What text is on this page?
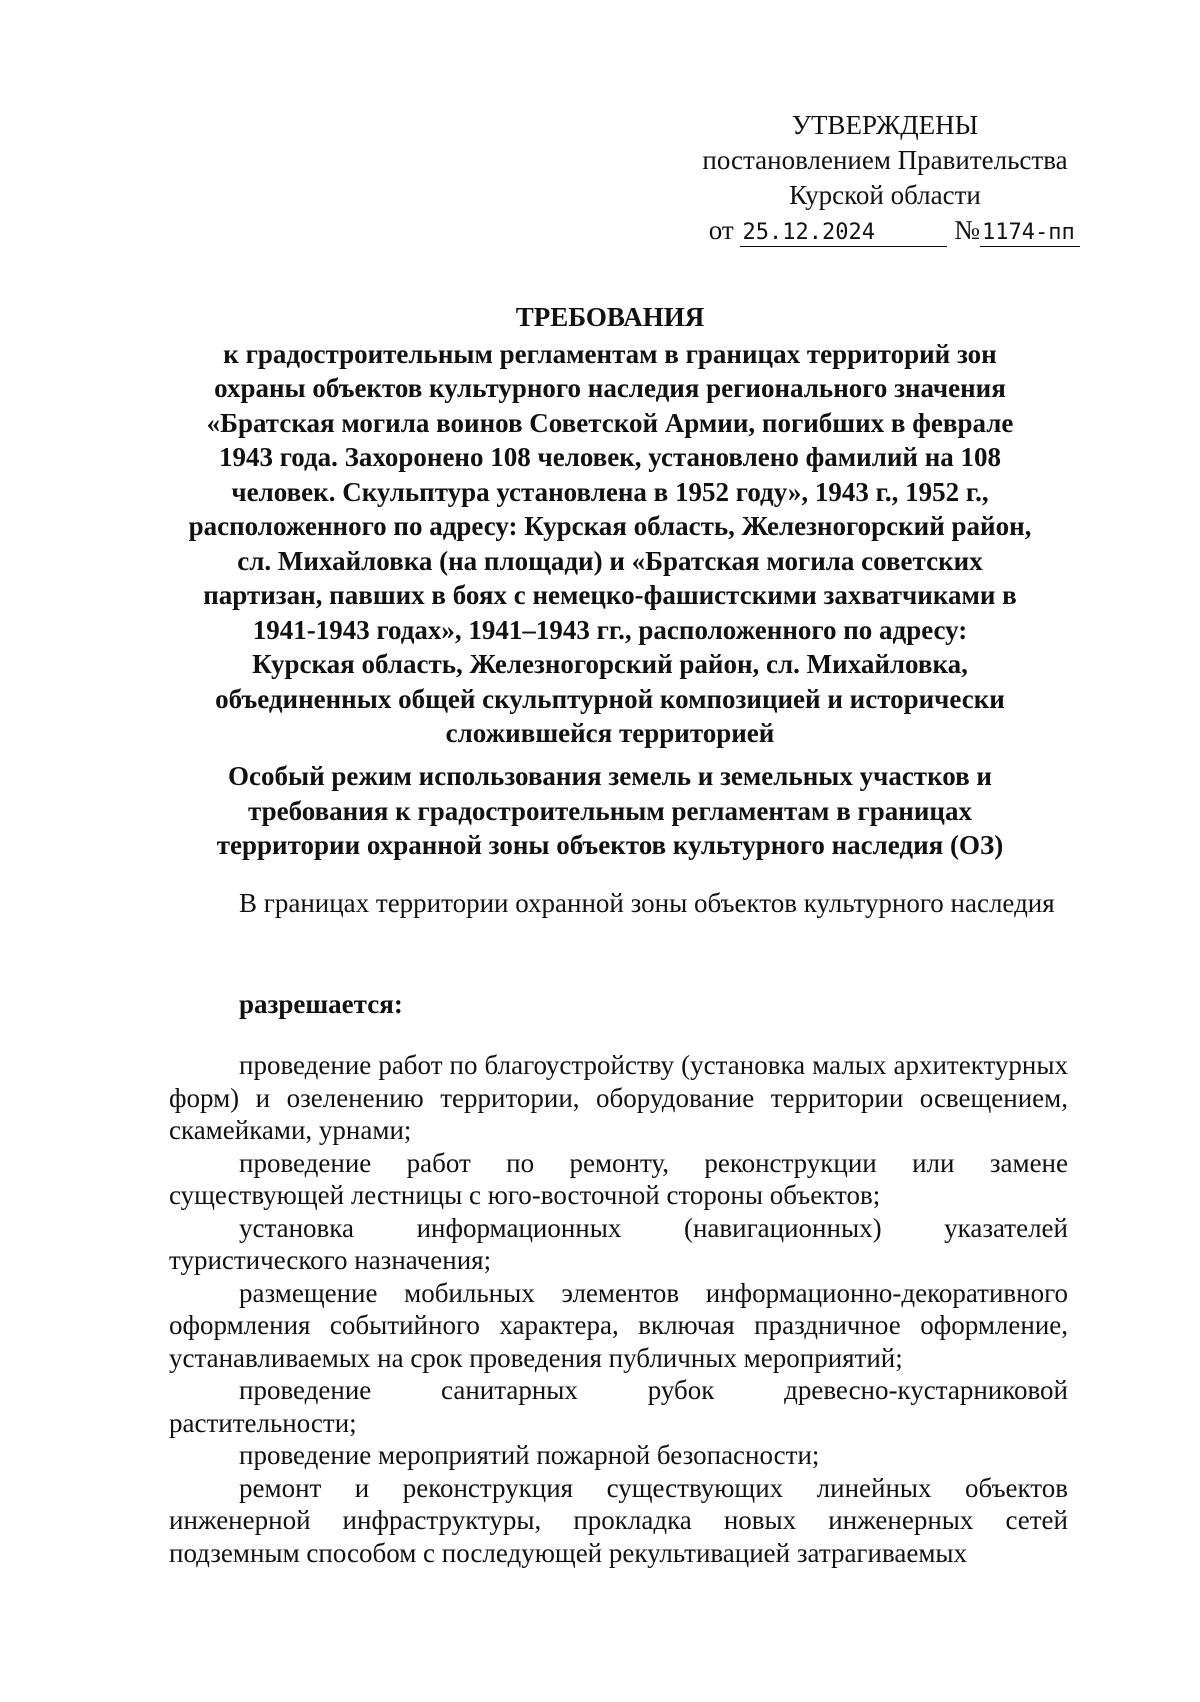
УТВЕРЖДЕНЫ
постановлением Правительства
Курской области
от 25.12.2024	№1174-пп
ТРЕБОВАНИЯ
к градостроительным регламентам в границах территорий зон
охраны объектов культурного наследия регионального значения
«Братская могила воинов Советской Армии, погибших в феврале
1943 года. Захоронено 108 человек, установлено фамилий на 108
человек. Скульптура установлена в 1952 году», 1943 г., 1952 г.,
расположенного по адресу: Курская область, Железногорский район,
сл. Михайловка (на площади) и «Братская могила советских
партизан, павших в боях с немецко-фашистскими захватчиками в
1941-1943 годах», 1941–1943 гг., расположенного по адресу:
Курская область, Железногорский район, сл. Михайловка,
объединенных общей скульптурной композицией и исторически
сложившейся территорией
Особый режим использования земель и земельных участков и
требования к градостроительным регламентам в границах
территории охранной зоны объектов культурного наследия (ОЗ)

В границах территории охранной зоны объектов культурного наследия

разрешается:

проведение работ по благоустройству (установка малых архитектурных форм) и озеленению территории, оборудование территории освещением, скамейками, урнами;

проведение работ по ремонту, реконструкции или замене существующей лестницы с юго-восточной стороны объектов;

установка информационных (навигационных) указателей туристического назначения;

размещение мобильных элементов информационно-декоративного оформления событийного характера, включая праздничное оформление, устанавливаемых на срок проведения публичных мероприятий;

проведение санитарных рубок древесно-кустарниковой растительности;

проведение мероприятий пожарной безопасности;

ремонт и реконструкция существующих линейных объектов инженерной инфраструктуры, прокладка новых инженерных сетей подземным способом с последующей рекультивацией затрагиваемых
